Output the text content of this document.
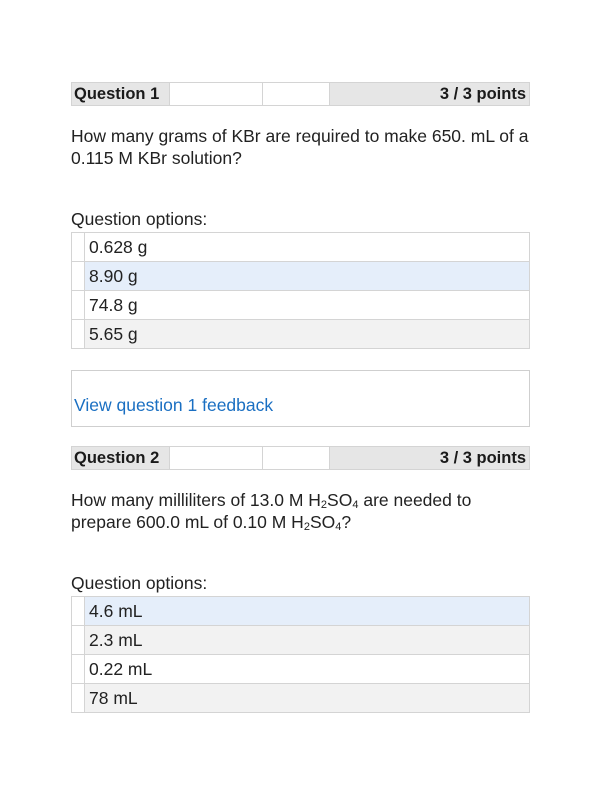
Question 1	3 / 3 points
How many grams of KBr are required to make 650. mL of a 0.115 M KBr solution?
Question options:
0.628 g
8.90 g
74.8 g
5.65 g
View question 1 feedback
Question 2	3 / 3 points
How many milliliters of 13.0 M $H_2SO_4$ are needed to prepare 600.0 mL of 0.10 M $H_2SO_4$?
Question options:
4.6 mL
2.3 mL
0.22 mL
78 mL
